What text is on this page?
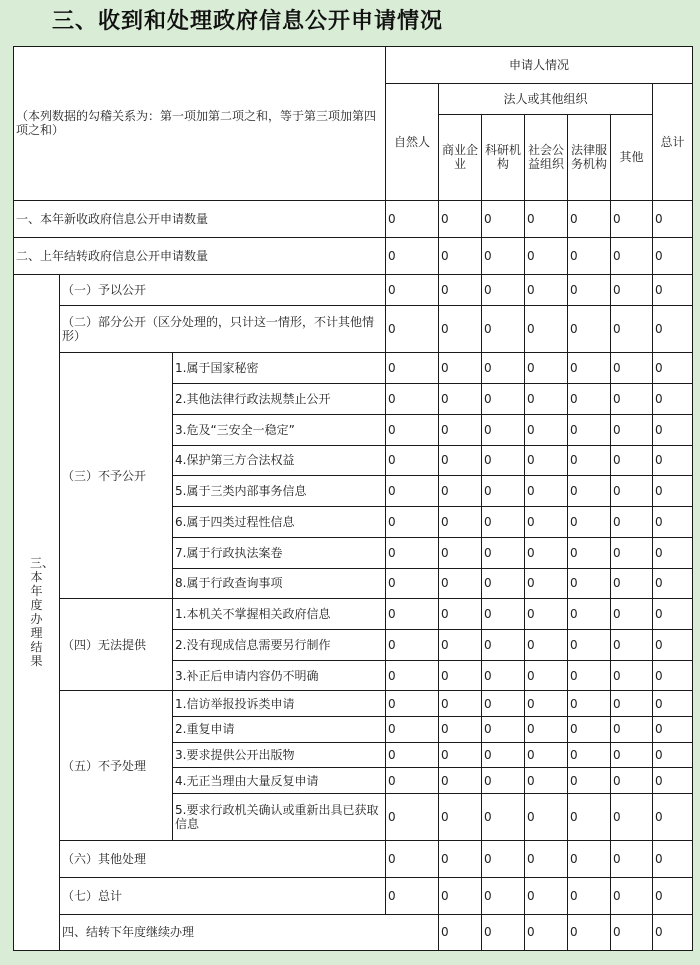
三、收到和处理政府信息公开申请情况
（本列数据的勾稽关系为：第一项加第二项之和，等于第三项加第四项之和）			申请人情况							
			自然人	法人或其他组织					总计	
				商业企业	科研机构	社会公益组织	法律服务机构	其他		
一、本年新收政府信息公开申请数量			0	0	0	0	0	0	0	
二、上年结转政府信息公开申请数量			0	0	0	0	0	0	0	
三、本年度办理结果	（一）予以公开		0	0	0	0	0	0	0	
	（二）部分公开（区分处理的，只计这一情形，不计其他情形）		0	0	0	0	0	0	0	
	（三）不予公开	1.属于国家秘密	0	0	0	0	0	0	0	
		2.其他法律行政法规禁止公开	0	0	0	0	0	0	0	
		3.危及“三安全一稳定”	0	0	0	0	0	0	0	
		4.保护第三方合法权益	0	0	0	0	0	0	0	
		5.属于三类内部事务信息	0	0	0	0	0	0	0	
		6.属于四类过程性信息	0	0	0	0	0	0	0	
		7.属于行政执法案卷	0	0	0	0	0	0	0	
		8.属于行政查询事项	0	0	0	0	0	0	0	
	（四）无法提供	1.本机关不掌握相关政府信息	0	0	0	0	0	0	0	
		2.没有现成信息需要另行制作	0	0	0	0	0	0	0	
		3.补正后申请内容仍不明确	0	0	0	0	0	0	0	
	（五）不予处理	1.信访举报投诉类申请	0	0	0	0	0	0	0	
		2.重复申请	0	0	0	0	0	0	0	
		3.要求提供公开出版物	0	0	0	0	0	0	0	
		4.无正当理由大量反复申请	0	0	0	0	0	0	0	
		5.要求行政机关确认或重新出具已获取信息	0	0	0	0	0	0	0	
	（六）其他处理		0	0	0	0	0	0	0	
	（七）总计		0	0	0	0	0	0	0	
	四、结转下年度继续办理			0	0	0	0	0	0	
